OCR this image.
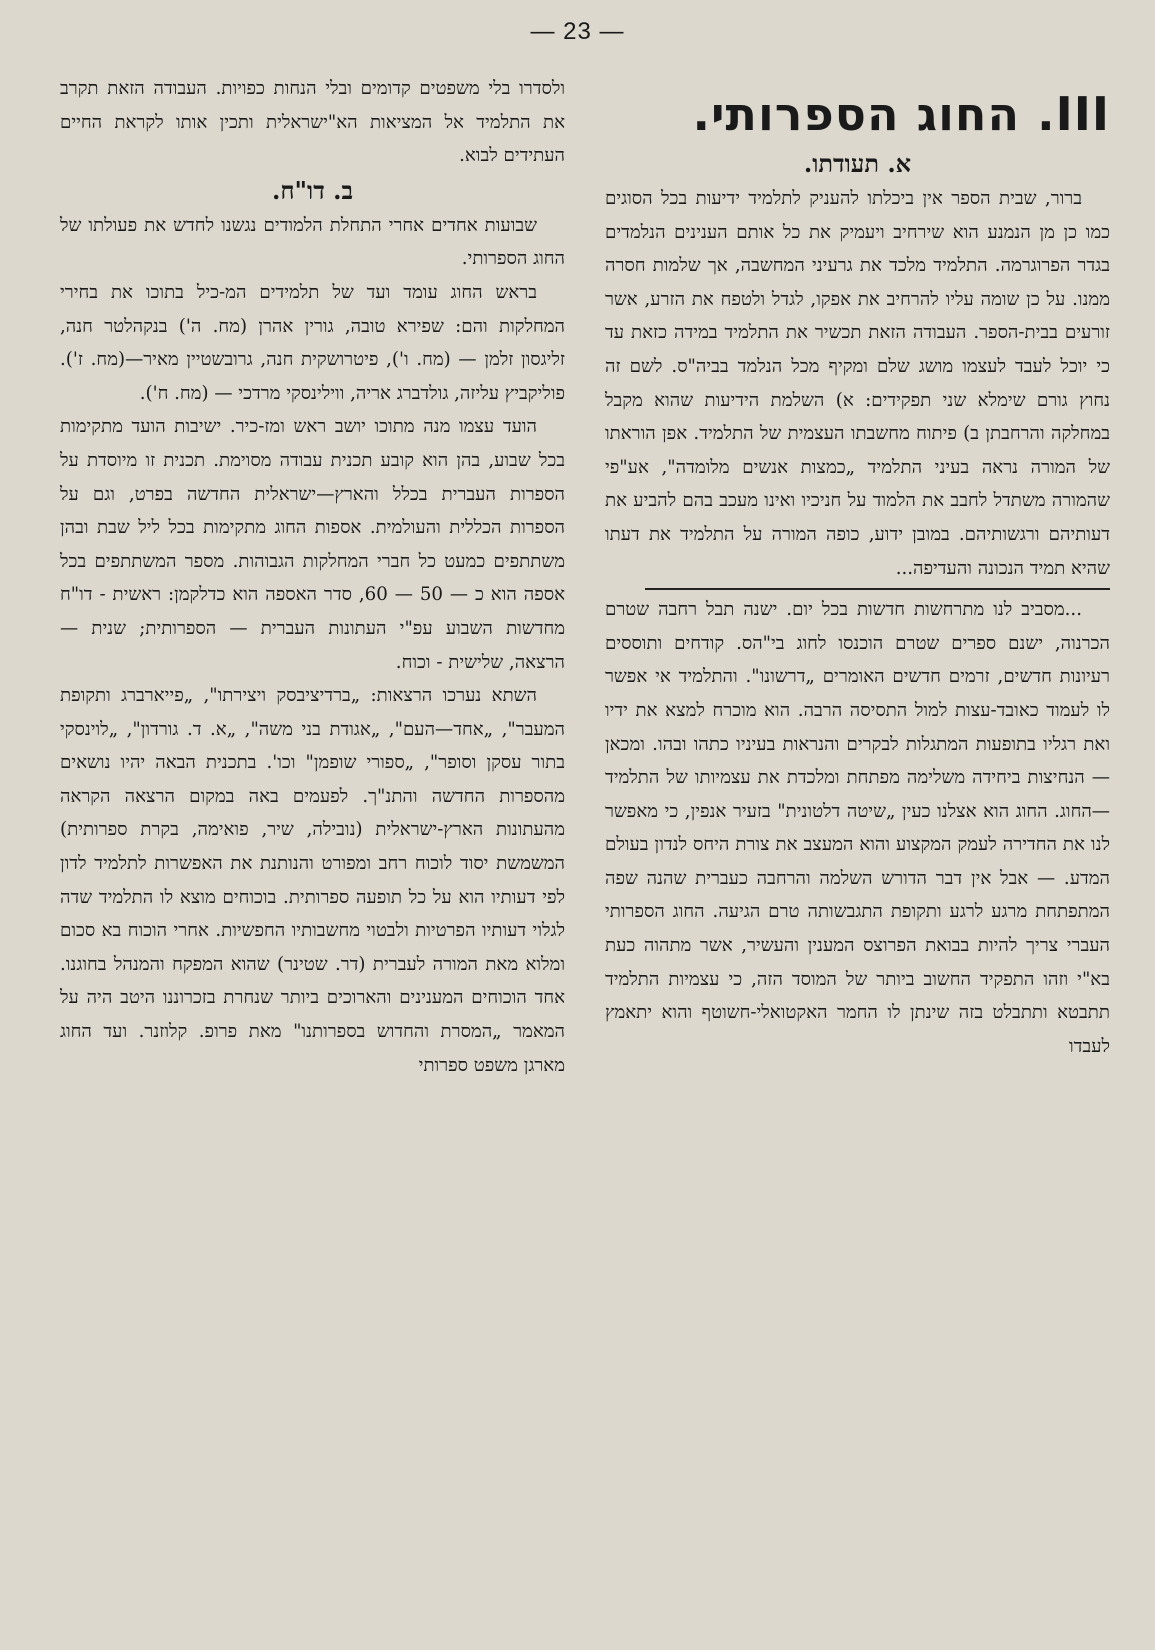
— 23 —

ולסדרו בלי משפטים קדומים ובלי הנחות כפויות. העבודה הזאת תקרב את התלמיד אל המציאות הא"ישראלית ותכין אותו לקראת החיים העתידים לבוא.

ב. דו"ח.

שבועות אחדים אחרי התחלת הלמודים נגשנו לחדש את פעולתו של החוג הספרותי.

בראש החוג עומד ועד של תלמידים המ-כיל בתוכו את בחירי המחלקות והם: שפירא טובה, גורין אהרן (מח. ה') בנקהלטר חנה, זליגסון זלמן — (מח. ו'), פיטרושקית חנה, גרובשטיין מאיר—(מח. ז'). פוליקביץ עליזה, גולדברג אריה, ווילינסקי מרדכי — (מח. ח').

הועד עצמו מנה מתוכו יושב ראש ומז-כיר. ישיבות הועד מתקימות בכל שבוע, בהן הוא קובע תכנית עבודה מסוימת. תכנית זו מיוסדת על הספרות העברית בכלל והארץ—ישראלית החדשה בפרט, וגם על הספרות הכללית והעולמית. אספות החוג מתקימות בכל ליל שבת ובהן משתתפים כמעט כל חברי המחלקות הגבוהות. מספר המשתתפים בכל אספה הוא כ — 50 — 60, סדר האספה הוא כדלקמן: ראשית - דו"ח מחדשות השבוע עפ"י העתונות העברית — הספרותית; שנית — הרצאה, שלישית - וכוח.

השתא נערכו הרצאות: „ברדיציבסק ויצירתו", „פייארברג ותקופת המעבר", „אחד—העם", „אגודת בני משה", „א. ד. גורדון", „לוינסקי בתור עסקן וסופר", „ספורי שופמן" וכו'. בתכנית הבאה יהיו נושאים מהספרות החדשה והתנ"ך. לפעמים באה במקום הרצאה הקראה מהעתונות הארץ-ישראלית (נובילה, שיר, פואימה, בקרת ספרותית) המשמשת יסוד לוכוח רחב ומפורט והנותנת את האפשרות לתלמיד לדון לפי דעותיו הוא על כל תופעה ספרותית. בוכוחים מוצא לו התלמיד שדה לגלוי דעותיו הפרטיות ולבטוי מחשבותיו החפשיות. אחרי הוכוח בא סכום ומלוא מאת המורה לעברית (דר. שטינר) שהוא המפקח והמנהל בחוגנו. אחד הוכוחים המענינים והארוכים ביותר שנחרת בזכרוננו היטב היה על המאמר „המסרת והחדוש בספרותנו" מאת פרופ. קלוזנר. ועד החוג מארגן משפט ספרותי

III. החוג הספרותי.

א. תעודתו.

ברור, שבית הספר אין ביכלתו להעניק לתלמיד ידיעות בכל הסוגים כמו כן מן הנמנע הוא שירחיב ויעמיק את כל אותם הענינים הנלמדים בגדר הפרוגרמה. התלמיד מלכד את גרעיני המחשבה, אך שלמות חסרה ממנו. על כן שומה עליו להרחיב את אפקו, לגדל ולטפח את הזרע, אשר זורעים בבית-הספר. העבודה הזאת תכשיר את התלמיד במידה כזאת עד כי יוכל לעבד לעצמו מושג שלם ומקיף מכל הנלמד בביה"ס. לשם זה נחוץ גורם שימלא שני תפקידים: א) השלמת הידיעות שהוא מקבל במחלקה והרחבתן ב) פיתוח מחשבתו העצמית של התלמיד. אפן הוראתו של המורה נראה בעיני התלמיד „כמצות אנשים מלומדה", אע"פי שהמורה משתדל לחבב את הלמוד על חניכיו ואינו מעכב בהם להביע את דעותיהם ורגשותיהם. במובן ידוע, כופה המורה על התלמיד את דעתו שהיא תמיד הנכונה והעדיפה...

...מסביב לנו מתרחשות חדשות בכל יום. ישנה תבל רחבה שטרם הכרנוה, ישנם ספרים שטרם הוכנסו לחוג בי"הס. קודחים ותוססים רעיונות חדשים, זרמים חדשים האומרים „דרשונו". והתלמיד אי אפשר לו לעמוד כאובד-עצות למול התסיסה הרבה. הוא מוכרח למצא את ידיו ואת רגליו בתופעות המתגלות לבקרים והנראות בעיניו כתהו ובהו. ומכאן — הנחיצות ביחידה משלימה מפתחת ומלכדת את עצמיותו של התלמיד—החוג. החוג הוא אצלנו כעין „שיטה דלטונית" בזעיר אנפין, כי מאפשר לנו את החדירה לעמק המקצוע והוא המעצב את צורת היחס לנדון בעולם המדע. — אבל אין דבר הדורש השלמה והרחבה כעברית שהנה שפה המתפתחת מרגע לרגע ותקופת התגבשותה טרם הגיעה. החוג הספרותי העברי צריך להיות בבואת הפרוצס המענין והעשיר, אשר מתהוה כעת בא"י וזהו התפקיד החשוב ביותר של המוסד הזה, כי עצמיות התלמיד תתבטא ותתבלט בזה שינתן לו החמר האקטואלי-חשוטף והוא יתאמץ לעבדו
